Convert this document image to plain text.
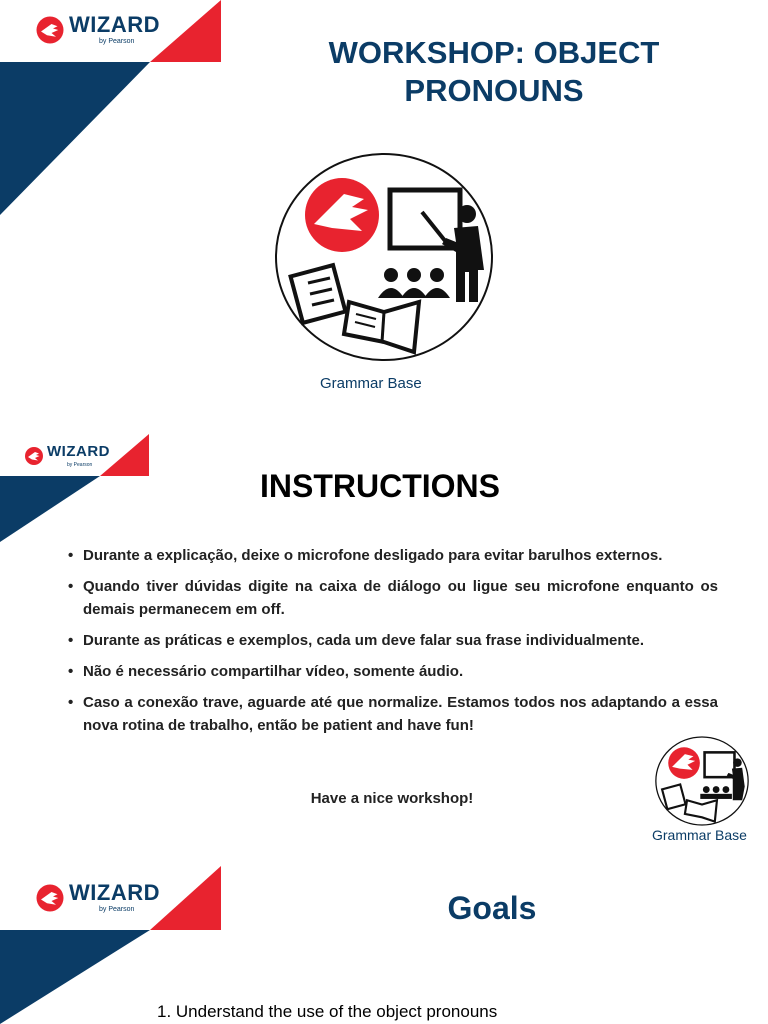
WIZARD
by Pearson	WORKSHOP: OBJECT
PRONOUNS
Grammar Base
WIZARD
by Pearson
INSTRUCTIONS
• Durante a explicação, deixe o microfone desligado para evitar barulhos externos.
• Quando tiver dúvidas digite na caixa de diálogo ou ligue seu microfone enquanto os demais permanecem em off.
• Durante as práticas e exemplos, cada um deve falar sua frase individualmente.
• Não é necessário compartilhar vídeo, somente áudio.
• Caso a conexão trave, aguarde até que normalize. Estamos todos nos adaptando a essa nova rotina de trabalho, então be patient and have fun!
Have a nice workshop!
Grammar Base
WIZARD
by Pearson	Goals
1. Understand the use of the object pronouns
